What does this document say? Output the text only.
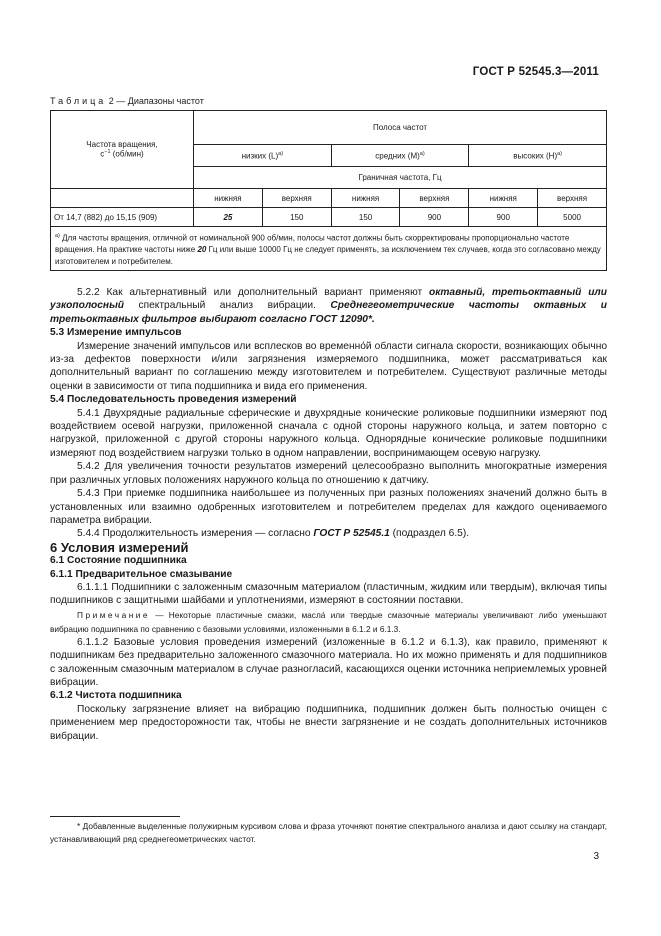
ГОСТ Р 52545.3—2011
Таблица 2 — Диапазоны частот
Частота вращения,
$с^{-1}$ (об/мин)	Полоса частот					
	низких $(L)^{a)}$		средних $(M)^{a)}$		высоких $(H)^{a)}$
	Граничная частота, Гц					
	нижняя	верхняя	нижняя	верхняя	нижняя	верхняя
От 14,7 (882) до 15,15 (909)	25	150	150	900	900	5000
$^{a)}$ Для частоты вращения, отличной от номинальной 900 об/мин, полосы частот должны быть скорректированы пропорционально частоте вращения. На практике частоты ниже 20 Гц или выше 10000 Гц не следует применять, за исключением тех случаев, когда это согласовано между изготовителем и потребителем.						

5.2.2 Как альтернативный или дополнительный вариант применяют октавный, третьоктавный или узкополосный спектральный анализ вибрации. Среднегеометрические частоты октавных и третьоктавных фильтров выбирают согласно ГОСТ 12090*.

5.3 Измерение импульсов

Измерение значений импульсов или всплесков во временно́й области сигнала скорости, возникающих обычно из-за дефектов поверхности и/или загрязнения измеряемого подшипника, может рассматриваться как дополнительный вариант по соглашению между изготовителем и потребителем. Существуют различные методы оценки в зависимости от типа подшипника и вида его применения.

5.4 Последовательность проведения измерений

5.4.1 Двухрядные радиальные сферические и двухрядные конические роликовые подшипники измеряют под воздействием осевой нагрузки, приложенной сначала с одной стороны наружного кольца, и затем повторно с нагрузкой, приложенной с другой стороны наружного кольца. Однорядные конические роликовые подшипники измеряют под воздействием нагрузки только в одном направлении, воспринимающем осевую нагрузку.

5.4.2 Для увеличения точности результатов измерений целесообразно выполнить многократные измерения при различных угловых положениях наружного кольца по отношению к датчику.

5.4.3 При приемке подшипника наибольшее из полученных при разных положениях значений должно быть в установленных или взаимно одобренных изготовителем и потребителем пределах для каждого оцениваемого параметра вибрации.

5.4.4 Продолжительность измерения — согласно ГОСТ Р 52545.1 (подраздел 6.5).

6 Условия измерений

6.1 Состояние подшипника

6.1.1 Предварительное смазывание

6.1.1.1 Подшипники с заложенным смазочным материалом (пластичным, жидким или твердым), включая типы подшипников с защитными шайбами и уплотнениями, измеряют в состоянии поставки.

Примечание — Некоторые пластичные смазки, масла́ или твердые смазочные материалы увеличивают либо уменьшают вибрацию подшипника по сравнению с базовыми условиями, изложенными в 6.1.2 и 6.1.3.

6.1.1.2 Базовые условия проведения измерений (изложенные в 6.1.2 и 6.1.3), как правило, применяют к подшипникам без предварительно заложенного смазочного материала. Но их можно применять и для подшипников с заложенным смазочным материалом в случае разногласий, касающихся оценки источника неприемлемых уровней вибрации.

6.1.2 Чистота подшипника

Поскольку загрязнение влияет на вибрацию подшипника, подшипник должен быть полностью очищен с применением мер предосторожности так, чтобы не внести загрязнение и не создать дополнительных источников вибрации.

* Добавленные выделенные полужирным курсивом слова и фраза уточняют понятие спектрального анализа и дают ссылку на стандарт, устанавливающий ряд среднегеометрических частот.
3
